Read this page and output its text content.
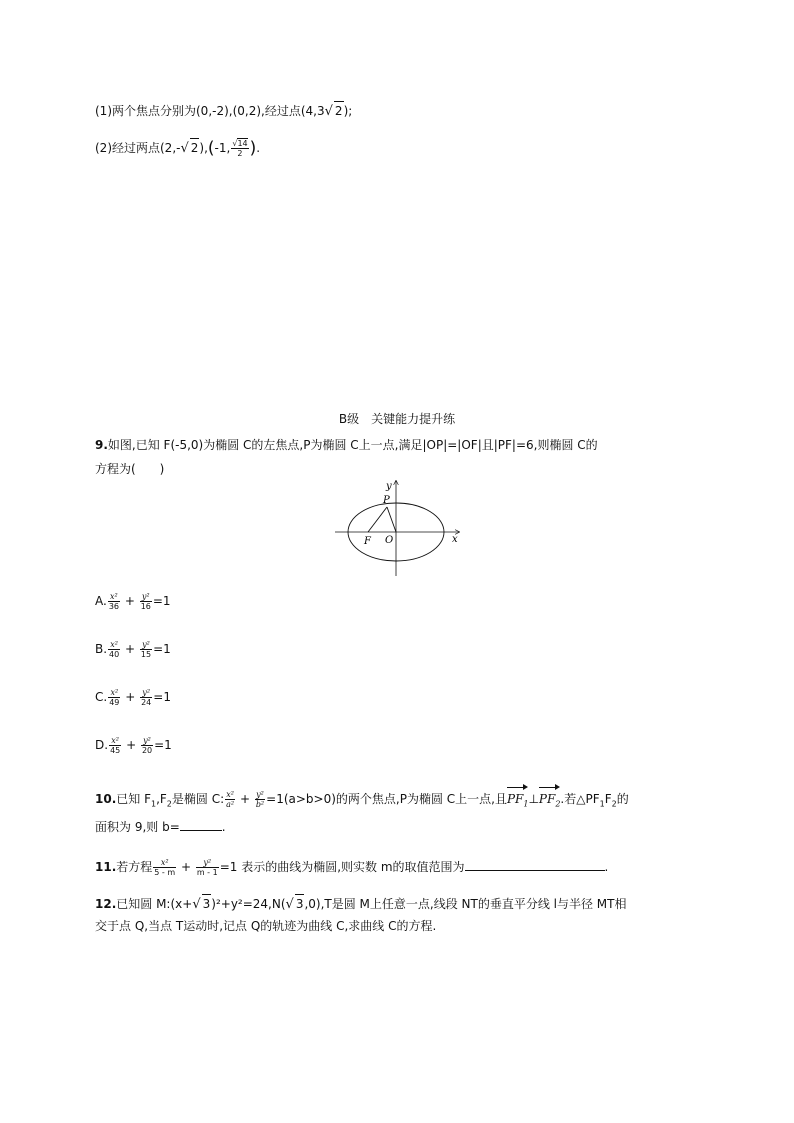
(1)两个焦点分别为(0,-2),(0,2),经过点(4,3√ 2);
(2)经过两点(2,-√ 2),(-1, $\frac{√14}{2}$ ).
B级　关键能力提升练
9.如图,已知 F(-5,0)为椭圆 C的左焦点,P为椭圆 C上一点,满足|OP|=|OF|且|PF|=6,则椭圆 C的
方程为(　　)
y
P
F O	x
A. $\frac{\text{x²}}{36} + \frac{\text{y²}}{16} =1$
B. $\frac{\text{x²}}{40} + \frac{\text{y²}}{15} =1$
C. $\frac{\text{x²}}{49} + \frac{\text{y²}}{24} =1$
D. $\frac{\text{x²}}{45} + \frac{\text{y²}}{20} =1$
10.已知 $F_1,F_2$是椭圆 C: $\frac{\text{x²}}{\text{a²}} + \frac{\text{y²}}{\text{b²}} =1(a>b>0)$的两个焦点,P为椭圆 C上一点,且$PF_1\perp PF_2$.若$\triangle PF_1F_2$的
面积为 9,则 b=	.
11.若方程 $\frac{\text{x²}}{5 - m} + \frac{\text{y²}}{m - 1} =1$ 表示的曲线为椭圆,则实数 m的取值范围为	.
12.已知圆 M:(x+√ 3)²+y²=24,N(√ 3,0),T是圆 M上任意一点,线段 NT的垂直平分线 l与半径 MT相
交于点 Q,当点 T运动时,记点 Q的轨迹为曲线 C,求曲线 C的方程.
